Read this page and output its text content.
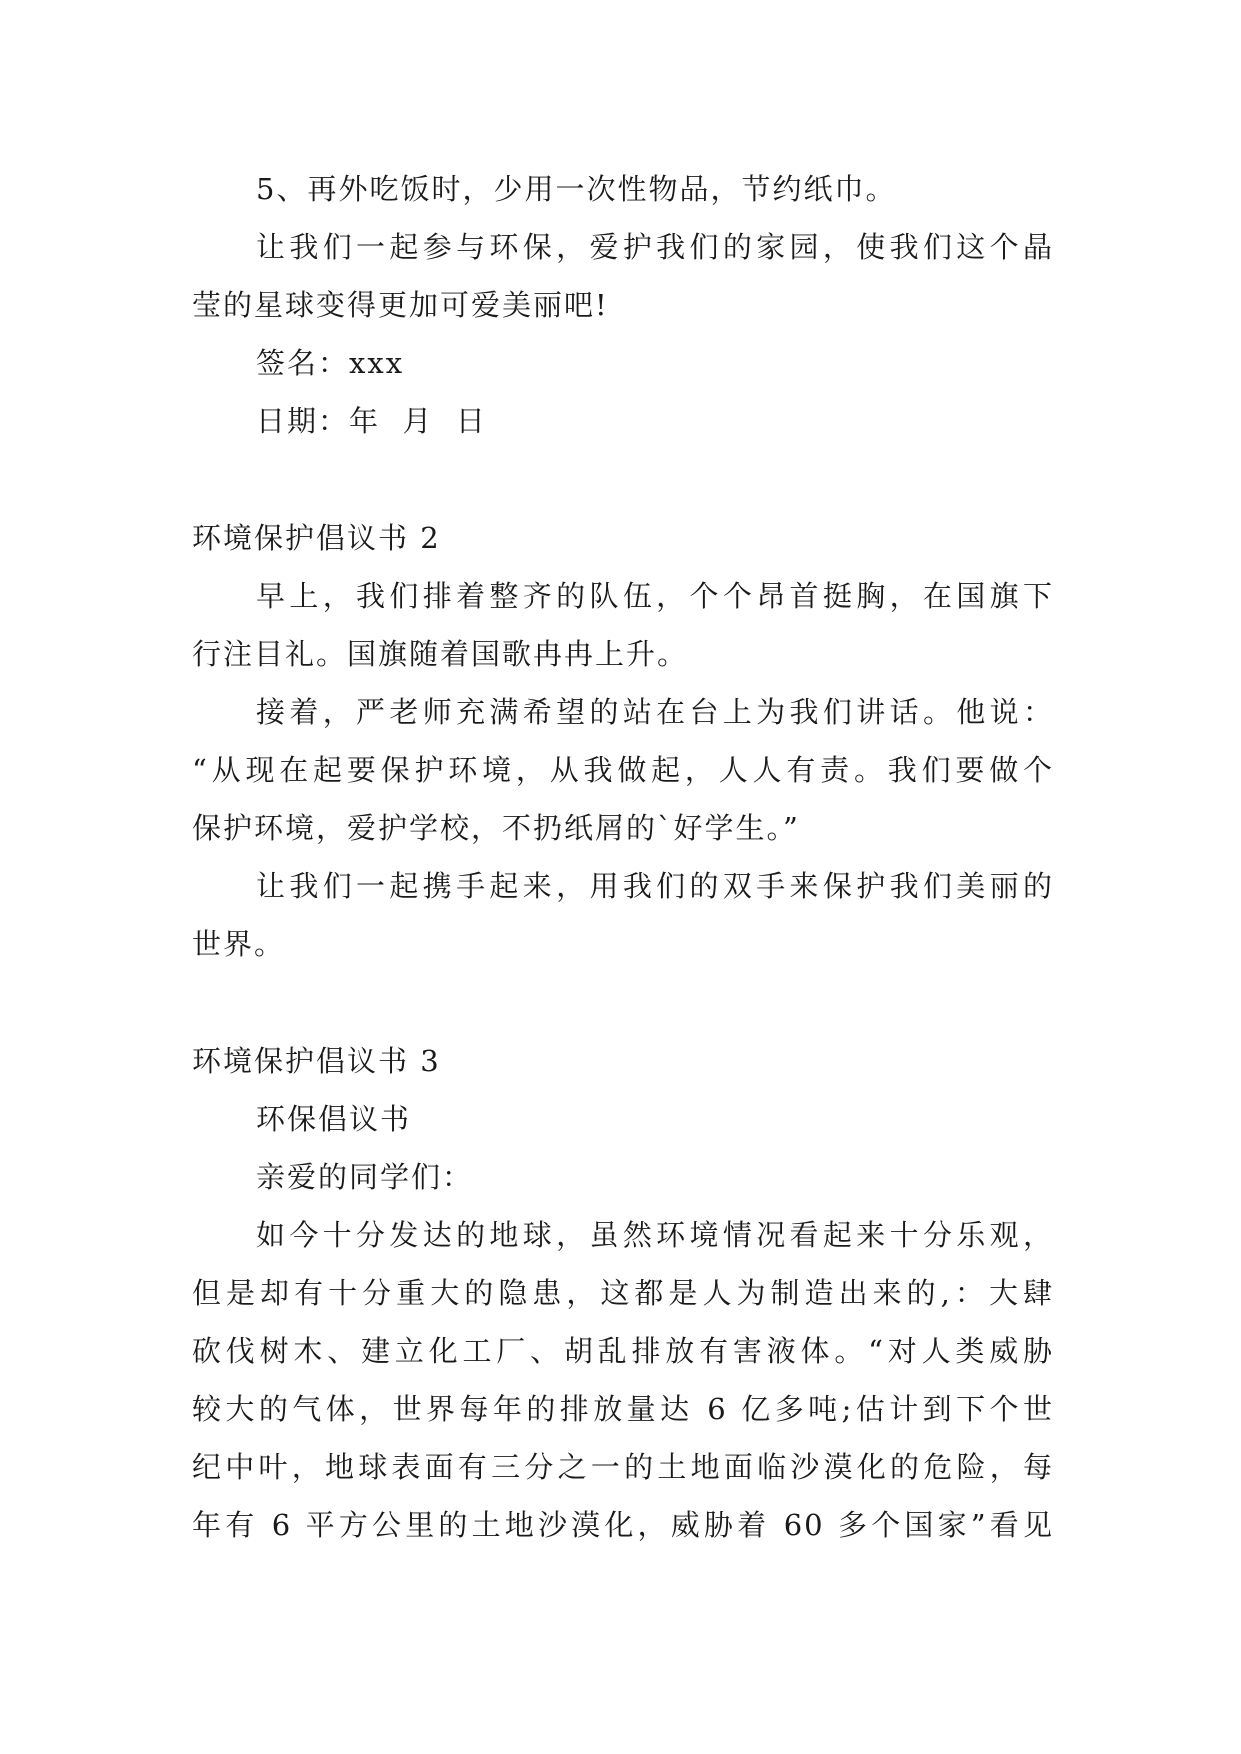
5、再外吃饭时，少用一次性物品，节约纸巾。
让我们一起参与环保，爱护我们的家园，使我们这个晶
莹的星球变得更加可爱美丽吧!
签名：xxx
日期：年  月  日
环境保护倡议书 2
早上，我们排着整齐的队伍，个个昂首挺胸，在国旗下
行注目礼。国旗随着国歌冉冉上升。
接着，严老师充满希望的站在台上为我们讲话。他说：
“从现在起要保护环境，从我做起，人人有责。我们要做个
保护环境，爱护学校，不扔纸屑的`好学生。”
让我们一起携手起来，用我们的双手来保护我们美丽的
世界。
环境保护倡议书 3
环保倡议书
亲爱的同学们：
如今十分发达的地球，虽然环境情况看起来十分乐观，
但是却有十分重大的隐患，这都是人为制造出来的,：大肆
砍伐树木、建立化工厂、胡乱排放有害液体。“对人类威胁
较大的气体，世界每年的排放量达 6 亿多吨;估计到下个世
纪中叶，地球表面有三分之一的土地面临沙漠化的危险，每
年有 6 平方公里的土地沙漠化，威胁着 60 多个国家”看见
